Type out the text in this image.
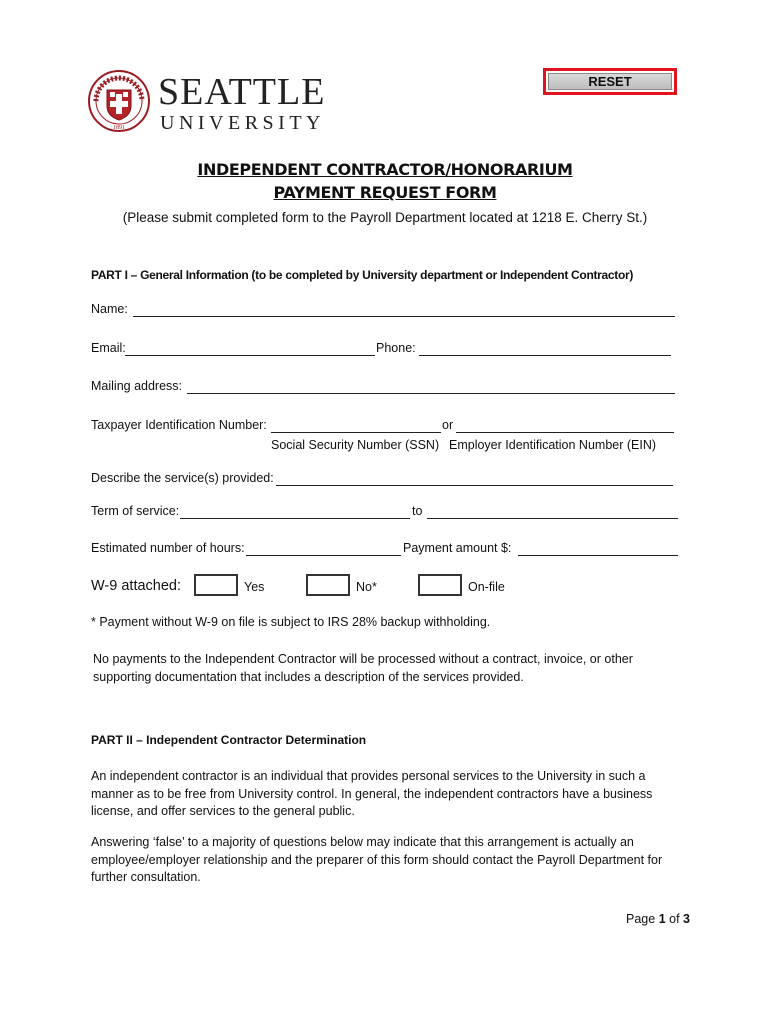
1891
SEATTLE
UNIVERSITY
RESET
INDEPENDENT CONTRACTOR/HONORARIUM
PAYMENT REQUEST FORM
(Please submit completed form to the Payroll Department located at 1218 E. Cherry St.)
PART I – General Information (to be completed by University department or Independent Contractor)
Name:
Email:	Phone:
Mailing address:
Taxpayer Identification Number:	or
Social Security Number (SSN) Employer Identification Number (EIN)
Describe the service(s) provided:
Term of service:	to
Estimated number of hours:	Payment amount $:
W-9 attached:	Yes	No*	On-file
* Payment without W-9 on file is subject to IRS 28% backup withholding.
No payments to the Independent Contractor will be processed without a contract, invoice, or other supporting documentation that includes a description of the services provided.
PART II – Independent Contractor Determination
An independent contractor is an individual that provides personal services to the University in such a manner as to be free from University control. In general, the independent contractors have a business license, and offer services to the general public.
Answering ‘false’ to a majority of questions below may indicate that this arrangement is actually an employee/employer relationship and the preparer of this form should contact the Payroll Department for further consultation.
Page 1 of 3
